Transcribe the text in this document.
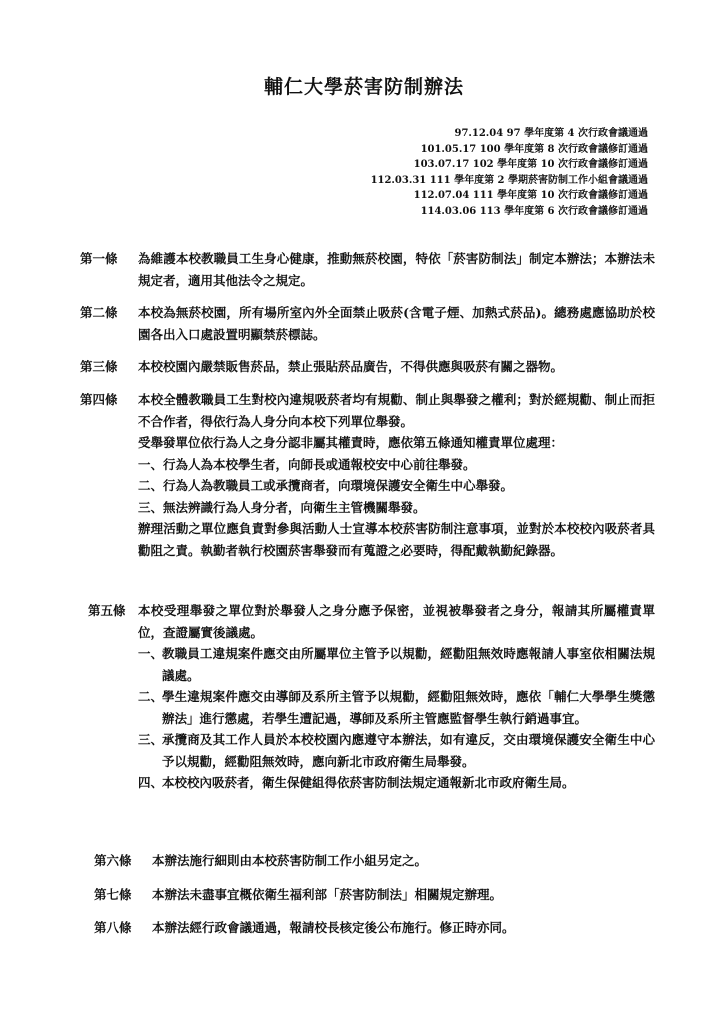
輔仁大學菸害防制辦法
97.12.04 97 學年度第 4 次行政會議通過
101.05.17 100 學年度第 8 次行政會議修訂通過
103.07.17 102 學年度第 10 次行政會議修訂通過
112.03.31 111 學年度第 2 學期菸害防制工作小組會議通過
112.07.04 111 學年度第 10 次行政會議修訂通過
114.03.06 113 學年度第 6 次行政會議修訂通過
第一條 為維護本校教職員工生身心健康，推動無菸校園，特依「菸害防制法」制定本辦法；本辦法未規定者，適用其他法令之規定。

第二條 本校為無菸校園，所有場所室內外全面禁止吸菸(含電子煙、加熱式菸品)。總務處應協助於校園各出入口處設置明顯禁菸標誌。

第三條 本校校園內嚴禁販售菸品，禁止張貼菸品廣告，不得供應與吸菸有關之器物。

第四條 本校全體教職員工生對校內違規吸菸者均有規勸、制止與舉發之權利；對於經規勸、制止而拒不合作者，得依行為人身分向本校下列單位舉發。

受舉發單位依行為人之身分認非屬其權責時，應依第五條通知權責單位處理：

一、行為人為本校學生者，向師長或通報校安中心前往舉發。
二、行為人為教職員工或承攬商者，向環境保護安全衛生中心舉發。
三、無法辨識行為人身分者，向衛生主管機關舉發。

辦理活動之單位應負責對參與活動人士宣導本校菸害防制注意事項，並對於本校校內吸菸者具勸阻之責。執勤者執行校園菸害舉發而有蒐證之必要時，得配戴執勤紀錄器。

第五條 本校受理舉發之單位對於舉發人之身分應予保密，並視被舉發者之身分，報請其所屬權責單位，查證屬實後議處。

一、

教職員工違規案件應交由所屬單位主管予以規勸，經勸阻無效時應報請人事室依相關法規議處。

二、

學生違規案件應交由導師及系所主管予以規勸，經勸阻無效時，應依「輔仁大學學生獎懲辦法」進行懲處，若學生遭記過，導師及系所主管應監督學生執行銷過事宜。

三、

承攬商及其工作人員於本校校園內應遵守本辦法，如有違反，交由環境保護安全衛生中心予以規勸，經勸阻無效時，應向新北市政府衛生局舉發。

四、

本校校內吸菸者，衛生保健組得依菸害防制法規定通報新北市政府衛生局。

第六條 本辦法施行細則由本校菸害防制工作小組另定之。

第七條 本辦法未盡事宜概依衛生福利部「菸害防制法」相關規定辦理。

第八條 本辦法經行政會議通過，報請校長核定後公布施行。修正時亦同。
